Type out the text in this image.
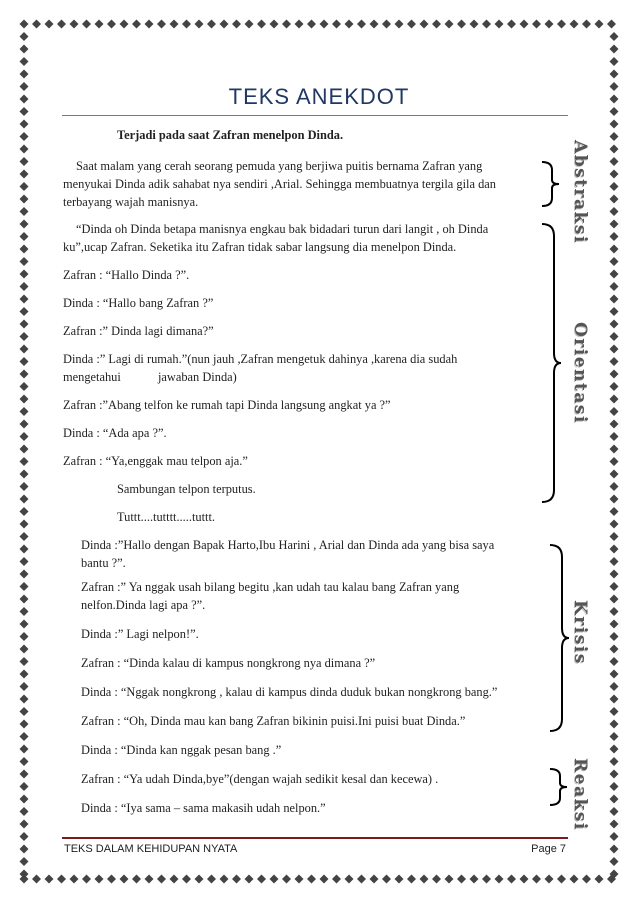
TEKS ANEKDOT
Terjadi pada saat Zafran menelpon Dinda.
Saat malam yang cerah seorang pemuda yang berjiwa puitis bernama Zafran yang
menyukai Dinda adik sahabat nya sendiri ,Arial. Sehingga membuatnya tergila gila dan
terbayang wajah manisnya.
“Dinda oh Dinda betapa manisnya engkau bak bidadari turun dari langit , oh Dinda
ku”,ucap Zafran. Seketika itu Zafran tidak sabar langsung dia menelpon Dinda.
Zafran : “Hallo Dinda ?”.
Dinda : “Hallo bang Zafran ?”
Zafran :” Dinda lagi dimana?”
Dinda :” Lagi di rumah.”(nun jauh ,Zafran mengetuk dahinya ,karena dia sudah
mengetahui            jawaban Dinda)
Zafran :”Abang telfon ke rumah tapi Dinda langsung angkat ya ?”
Dinda : “Ada apa ?”.
Zafran : “Ya,enggak mau telpon aja.”
Sambungan telpon terputus.
Tuttt....tutttt.....tuttt.
Dinda :”Hallo dengan Bapak Harto,Ibu Harini , Arial dan Dinda ada yang bisa saya
bantu ?”.
Zafran :” Ya nggak usah bilang begitu ,kan udah tau kalau bang Zafran yang
nelfon.Dinda lagi apa ?”.
Dinda :” Lagi nelpon!”.
Zafran : “Dinda kalau di kampus nongkrong nya dimana ?”
Dinda : “Nggak nongkrong , kalau di kampus dinda duduk bukan nongkrong bang.”
Zafran : “Oh, Dinda mau kan bang Zafran bikinin puisi.Ini puisi buat Dinda.”
Dinda : “Dinda kan nggak pesan bang .”
Zafran : “Ya udah Dinda,bye”(dengan wajah sedikit kesal dan kecewa) .
Dinda : “Iya sama – sama makasih udah nelpon.”
Abstraksi
Orientasi
Krisis
Reaksi
TEKS DALAM KEHIDUPAN NYATA	Page 7
